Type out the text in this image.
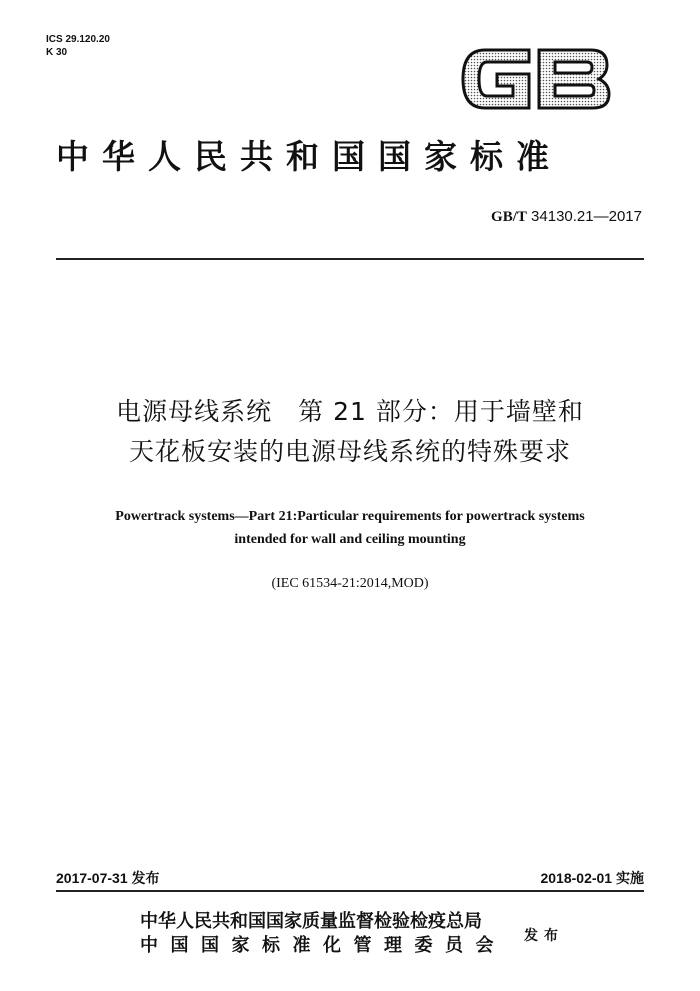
ICS 29.120.20
K 30
中华人民共和国国家标准
GB/T 34130.21—2017
电源母线系统　第 21 部分：用于墙壁和
天花板安装的电源母线系统的特殊要求
Powertrack systems—Part 21:Particular requirements for powertrack systems
intended for wall and ceiling mounting
(IEC 61534-21:2014,MOD)
2017-07-31 发布	2018-02-01 实施
中华人民共和国国家质量监督检验检疫总局
中国国家标准化管理委员会	发布
